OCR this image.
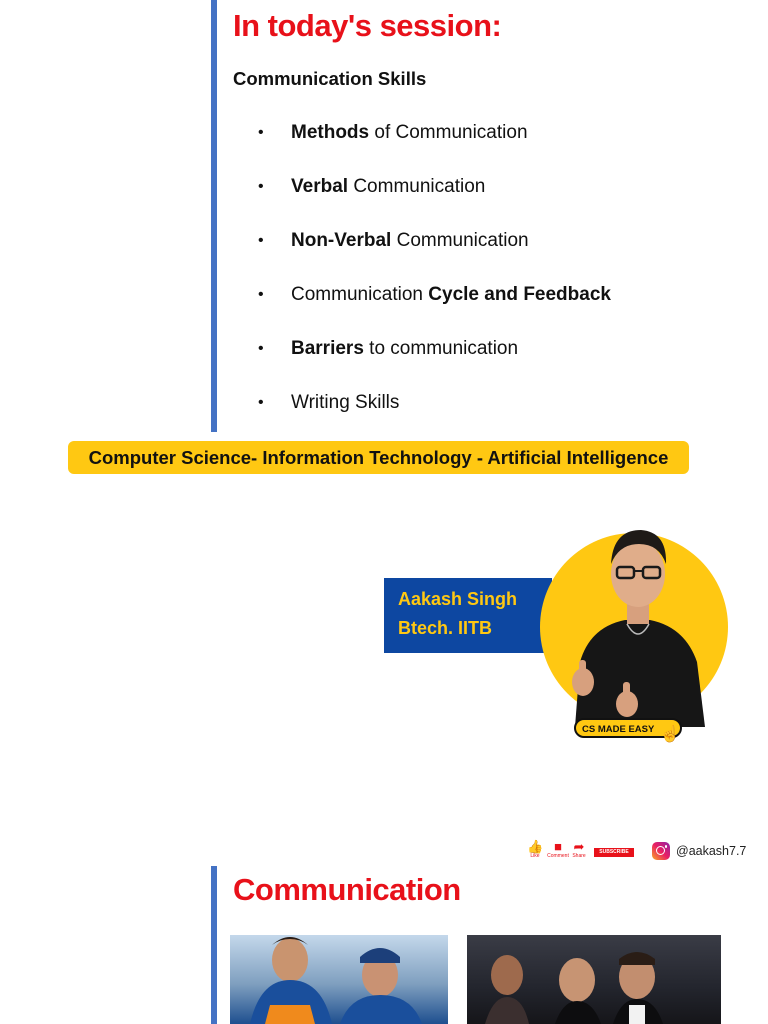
In today's session:
Communication Skills
• Methods of Communication
• Verbal Communication
• Non-Verbal Communication
• Communication Cycle and Feedback
• Barriers to communication
• Writing Skills
Computer Science- Information Technology - Artificial Intelligence
Aakash Singh
Btech. IITB
CS MADE EASY ☝
👍
Like
■
Comment
➦
Share
SUBSCRIBE	@aakash7.7
Communication
